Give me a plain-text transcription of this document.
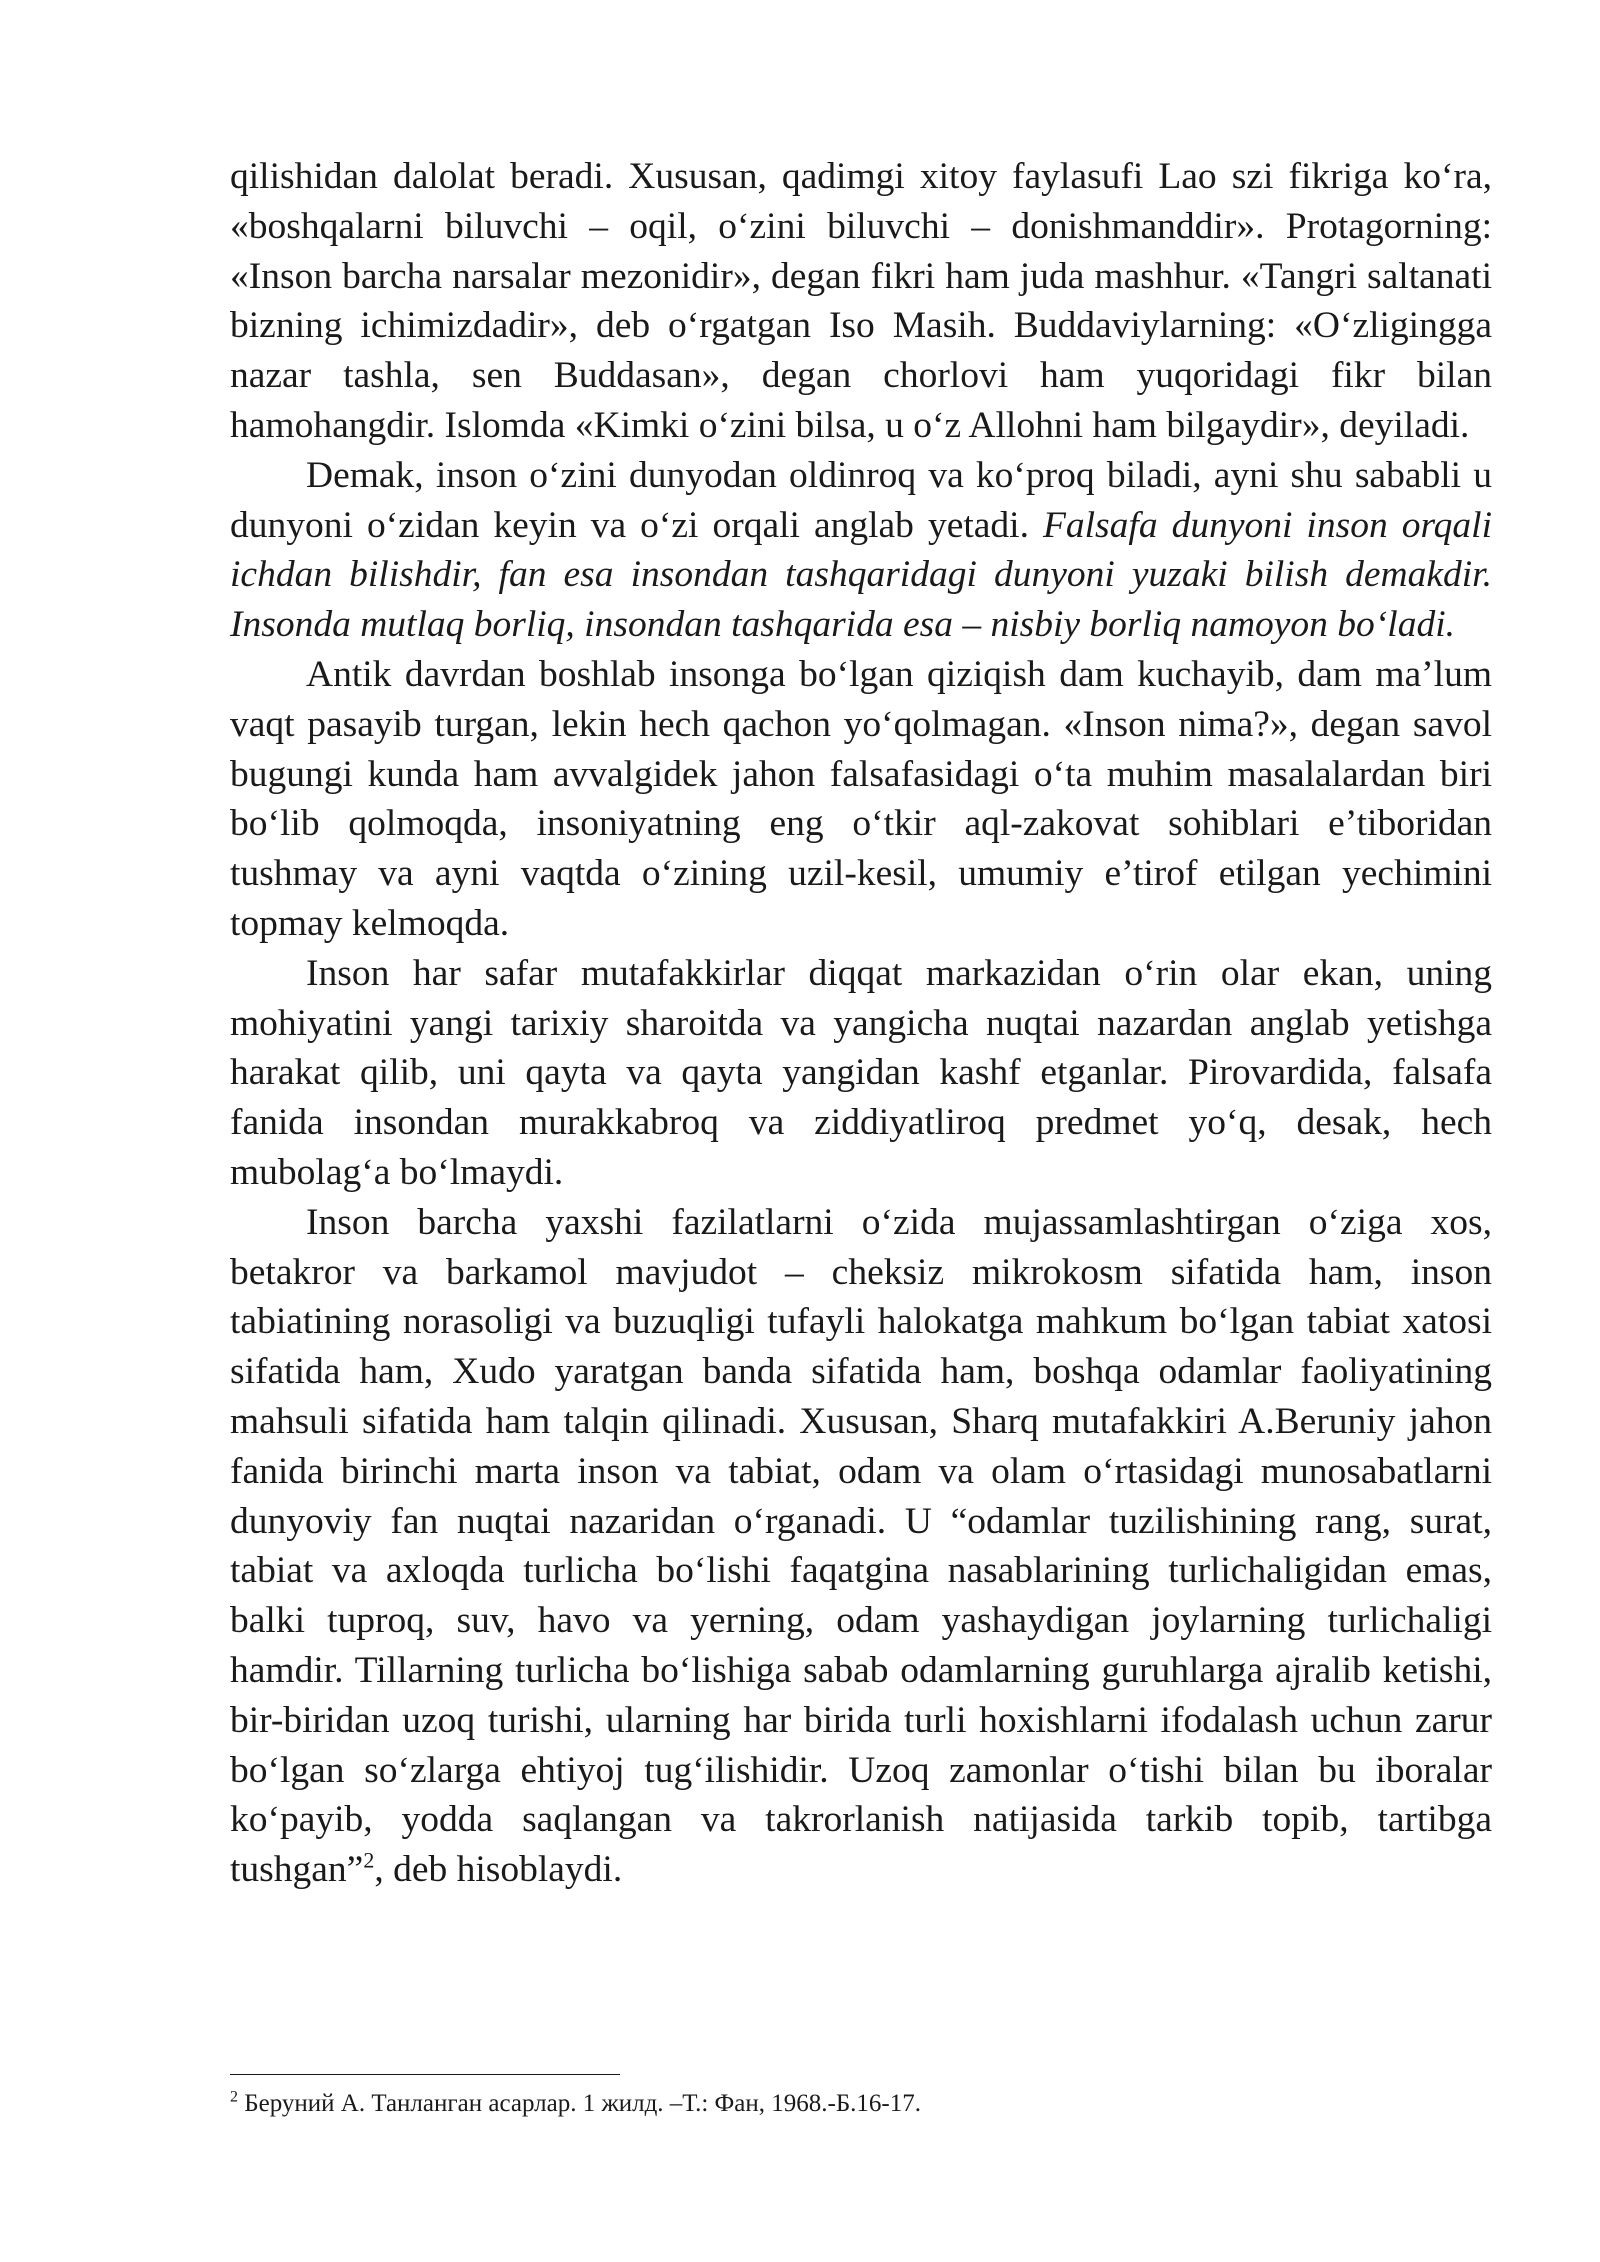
qilishidan dalolat beradi. Xususan, qadimgi xitoy faylasufi Lao szi fikriga ko‘ra, «boshqalarni biluvchi – oqil, o‘zini biluvchi – donishmanddir». Protagorning: «Inson barcha narsalar mezonidir», degan fikri ham juda mashhur. «Tangri saltanati bizning ichimizdadir», deb o‘rgatgan Iso Masih. Buddaviylarning: «O‘zligingga nazar tashla, sen Buddasan», degan chorlovi ham yuqoridagi fikr bilan hamohangdir. Islomda «Kimki o‘zini bilsa, u o‘z Allohni ham bilgaydir», deyiladi.

Demak, inson o‘zini dunyodan oldinroq va ko‘proq biladi, ayni shu sababli u dunyoni o‘zidan keyin va o‘zi orqali anglab yetadi. Falsafa dunyoni inson orqali ichdan bilishdir, fan esa insondan tashqaridagi dunyoni yuzaki bilish demakdir. Insonda mutlaq borliq, insondan tashqarida esa – nisbiy borliq namoyon bo‘ladi.

Antik davrdan boshlab insonga bo‘lgan qiziqish dam kuchayib, dam ma’lum vaqt pasayib turgan, lekin hech qachon yo‘qolmagan. «Inson nima?», degan savol bugungi kunda ham avvalgidek jahon falsafasidagi o‘ta muhim masalalardan biri bo‘lib qolmoqda, insoniyatning eng o‘tkir aql-zakovat sohiblari e’tiboridan tushmay va ayni vaqtda o‘zining uzil-kesil, umumiy e’tirof etilgan yechimini topmay kelmoqda.

Inson har safar mutafakkirlar diqqat markazidan o‘rin olar ekan, uning mohiyatini yangi tarixiy sharoitda va yangicha nuqtai nazardan anglab yetishga harakat qilib, uni qayta va qayta yangidan kashf etganlar. Pirovardida, falsafa fanida insondan murakkabroq va ziddiyatliroq predmet yo‘q, desak, hech mubolag‘a bo‘lmaydi.

Inson barcha yaxshi fazilatlarni o‘zida mujassamlashtirgan o‘ziga xos, betakror va barkamol mavjudot – cheksiz mikrokosm sifatida ham, inson tabiatining norasoligi va buzuqligi tufayli halokatga mahkum bo‘lgan tabiat xatosi sifatida ham, Xudo yaratgan banda sifatida ham, boshqa odamlar faoliyatining mahsuli sifatida ham talqin qilinadi. Xususan, Sharq mutafakkiri A.Beruniy jahon fanida birinchi marta inson va tabiat, odam va olam o‘rtasidagi munosabatlarni dunyoviy fan nuqtai nazaridan o‘rganadi. U “odamlar tuzilishining rang, surat, tabiat va axloqda turlicha bo‘lishi faqatgina nasablarining turlichaligidan emas, balki tuproq, suv, havo va yerning, odam yashaydigan joylarning turlichaligi hamdir. Tillarning turlicha bo‘lishiga sabab odamlarning guruhlarga ajralib ketishi, bir-biridan uzoq turishi, ularning har birida turli hoxishlarni ifodalash uchun zarur bo‘lgan so‘zlarga ehtiyoj tug‘ilishidir. Uzoq zamonlar o‘tishi bilan bu iboralar ko‘payib, yodda saqlangan va takrorlanish natijasida tarkib topib, tartibga tushgan”$^2$, deb hisoblaydi.

$^2$ Беруний А. Танланган асарлар. 1 жилд. –Т.: Фан, 1968.-Б.16-17.
